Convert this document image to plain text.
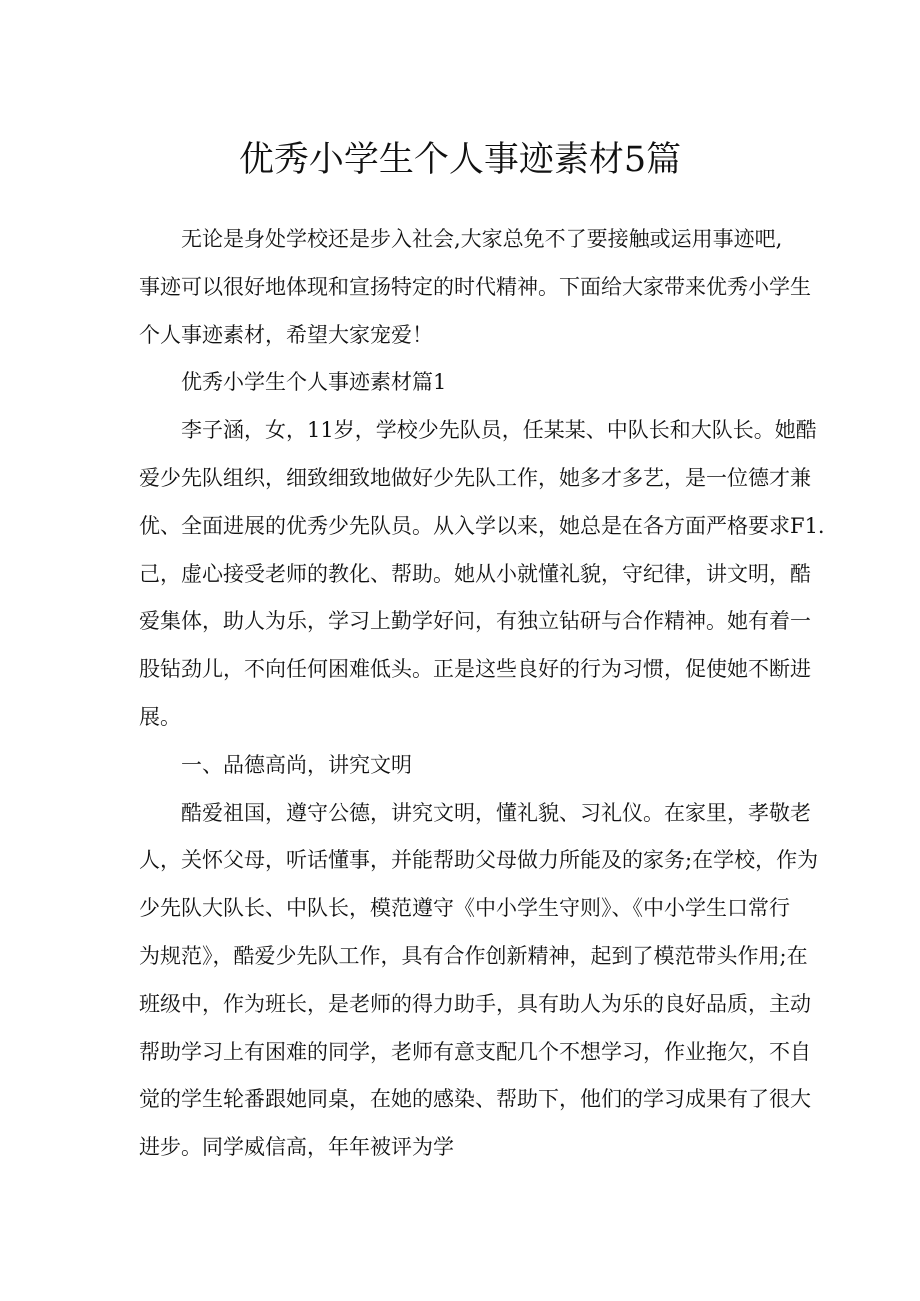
优秀小学生个人事迹素材5篇
　　无论是身处学校还是步入社会,大家总免不了要接触或运用事迹吧,
事迹可以很好地体现和宣扬特定的时代精神。下面给大家带来优秀小学生
个人事迹素材，希望大家宠爱！
　　优秀小学生个人事迹素材篇1
　　李子涵，女，11岁，学校少先队员，任某某、中队长和大队长。她酷
爱少先队组织，细致细致地做好少先队工作，她多才多艺，是一位德才兼
优、全面进展的优秀少先队员。从入学以来，她总是在各方面严格要求F1.
己，虚心接受老师的教化、帮助。她从小就懂礼貌，守纪律，讲文明，酷
爱集体，助人为乐，学习上勤学好问，有独立钻研与合作精神。她有着一
股钻劲儿，不向任何困难低头。正是这些良好的行为习惯，促使她不断进
展。
　　一、品德高尚，讲究文明
　　酷爱祖国，遵守公德，讲究文明，懂礼貌、习礼仪。在家里，孝敬老
人，关怀父母，听话懂事，并能帮助父母做力所能及的家务;在学校，作为
少先队大队长、中队长，模范遵守《中小学生守则》、《中小学生口常行
为规范》，酷爱少先队工作，具有合作创新精神，起到了模范带头作用;在
班级中，作为班长，是老师的得力助手，具有助人为乐的良好品质，主动
帮助学习上有困难的同学，老师有意支配几个不想学习，作业拖欠，不自
觉的学生轮番跟她同桌，在她的感染、帮助下，他们的学习成果有了很大
进步。同学威信高，年年被评为学
